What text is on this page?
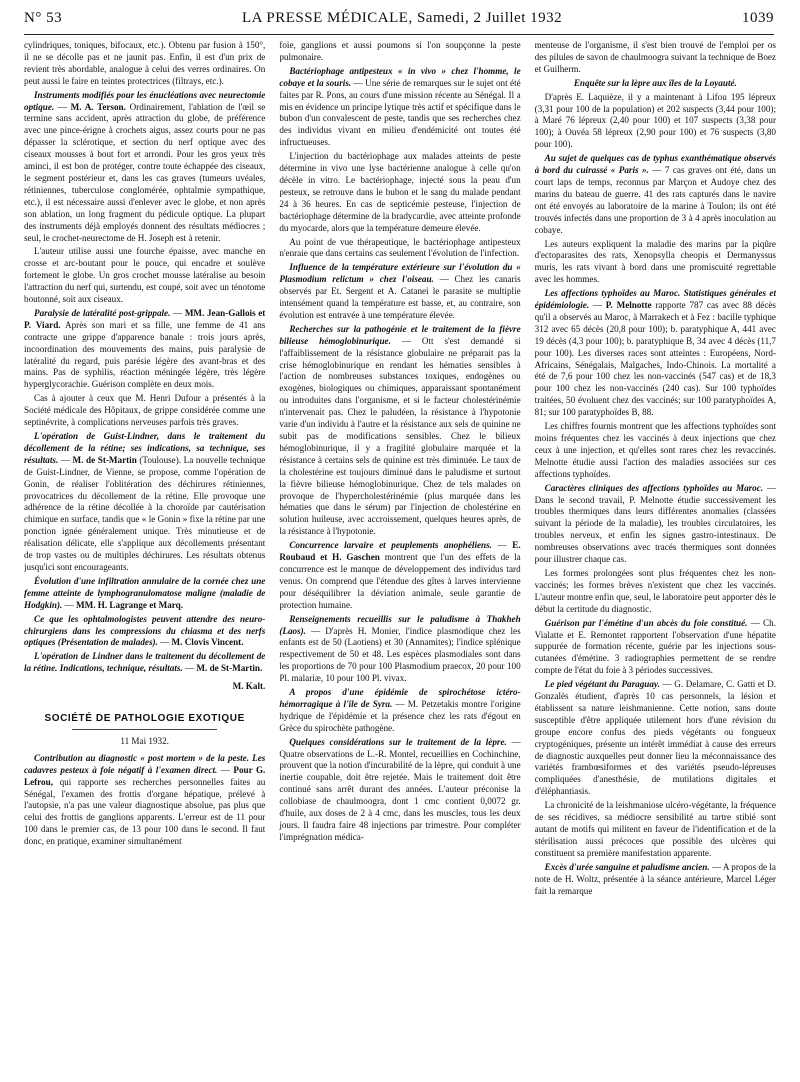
N° 53	LA PRESSE MÉDICALE, Samedi, 2 Juillet 1932	1039

cylindriques, toniques, bifocaux, etc.). Obtenu par fusion à 150°, il ne se décolle pas et ne jaunit pas. Enfin, il est d'un prix de revient très abordable, analogue à celui des verres ordinaires. On peut aussi le faire en teintes protectrices (filtrays, etc.).

Instruments modifiés pour les énucléations avec neurectomie optique. — M. A. Terson. Ordinairement, l'ablation de l'œil se termine sans accident, après attraction du globe, de préférence avec une pince-érigne à crochets aigus, assez courts pour ne pas dépasser la sclérotique, et section du nerf optique avec des ciseaux mousses à bout fort et arrondi. Pour les gros yeux très aminci, il est bon de protéger, contre toute échappée des ciseaux, le segment postérieur et, dans les cas graves (tumeurs uvéales, rétiniennes, tuberculose conglomérée, ophtalmie sympathique, etc.), il est nécessaire aussi d'enlever avec le globe, et non après son ablation, un long fragment du pédicule optique. La plupart des instruments déjà employés donnent des résultats médiocres ; seul, le crochet-neurectome de H. Joseph est à retenir.

L'auteur utilise aussi une fourche épaisse, avec manche en crosse et arc-boutant pour le pouce, qui encadre et soulève fortement le globe. Un gros crochet mousse latéralise au besoin l'attraction du nerf qui, surtendu, est coupé, soit avec un ténotome boutonné, soit aux ciseaux.

Paralysie de latéralité post-grippale. — MM. Jean-Gallois et P. Viard. Après son mari et sa fille, une femme de 41 ans contracte une grippe d'apparence banale : trois jours après, incoordination des mouvements des mains, puis paralysie de latéralité du regard, puis parésie légère des avant-bras et des mains. Pas de syphilis, réaction méningée légère, très légère hyperglycorachie. Guérison complète en deux mois.

Cas à ajouter à ceux que M. Henri Dufour a présentés à la Société médicale des Hôpitaux, de grippe considérée comme une septinévrite, à complications nerveuses parfois très graves.

L'opération de Guist-Lindner, dans le traitement du décollement de la rétine; ses indications, sa technique, ses résultats. — M. de St-Martin (Toulouse). La nouvelle technique de Guist-Lindner, de Vienne, se propose, comme l'opération de Gonin, de réaliser l'oblitération des déchirures rétiniennes, provocatrices du décollement de la rétine. Elle provoque une adhérence de la rétine décollée à la choroïde par cautérisation chimique en surface, tandis que « le Gonin » fixe la rétine par une ponction ignée généralement unique. Très minutieuse et de réalisation délicate, elle s'applique aux décollements présentant de trop vastes ou de multiples déchirures. Les résultats obtenus jusqu'ici sont encourageants.

Évolution d'une infiltration annulaire de la cornée chez une femme atteinte de lymphogranulomatose maligne (maladie de Hodgkin). — MM. H. Lagrange et Marq.

Ce que les ophtalmologistes peuvent attendre des neuro-chirurgiens dans les compressions du chiasma et des nerfs optiques (Présentation de malades). — M. Clovis Vincent.

L'opération de Lindner dans le traitement du décollement de la rétine. Indications, technique, résultats. — M. de St-Martin.

M. Kalt.

SOCIÉTÉ DE PATHOLOGIE EXOTIQUE
11 Mai 1932.

Contribution au diagnostic « post mortem » de la peste. Les cadavres pesteux à foie négatif à l'examen direct. — Pour G. Lefrou, qui rapporte ses recherches personnelles faites au Sénégal, l'examen des frottis d'organe hépatique, prélevé à l'autopsie, n'a pas une valeur diagnostique absolue, pas plus que celui des frottis de ganglions apparents. L'erreur est de 11 pour 100 dans le premier cas, de 13 pour 100 dans le second. Il faut donc, en pratique, examiner simultanément

foie, ganglions et aussi poumons si l'on soupçonne la peste pulmonaire.

Bactériophage antipesteux « in vivo » chez l'homme, le cobaye et la souris. — Une série de remarques sur le sujet ont été faites par R. Pons, au cours d'une mission récente au Sénégal. Il a mis en évidence un principe lytique très actif et spécifique dans le bubon d'un convalescent de peste, tandis que ses recherches chez des individus vivant en milieu d'endémicité ont toutes été infructueuses.

L'injection du bactériophage aux malades atteints de peste détermine in vivo une lyse bactérienne analogue à celle qu'on décèle in vitro. Le bactériophage, injecté sous la peau d'un pesteux, se retrouve dans le bubon et le sang du malade pendant 24 à 36 heures. En cas de septicémie pesteuse, l'injection de bactériophage détermine de la bradycardie, avec atteinte profonde du myocarde, alors que la température demeure élevée.

Au point de vue thérapeutique, le bactériophage antipesteux n'enraie que dans certains cas seulement l'évolution de l'infection.

Influence de la température extérieure sur l'évolution du « Plasmodium relictum » chez l'oiseau. — Chez les canaris observés par Et. Sergent et A. Catanei le parasite se multiplie intensément quand la température est basse, et, au contraire, son évolution est entravée à une température élevée.

Recherches sur la pathogénie et le traitement de la fièvre bilieuse hémoglobinurique. — Ott s'est demandé si l'affaiblissement de la résistance globulaire ne préparait pas la crise hémoglobinurique en rendant les hématies sensibles à l'action de nombreuses substances toxiques, endogènes ou exogènes, biologiques ou chimiques, apparaissant spontanément ou introduites dans l'organisme, et si le facteur cholestérinémie n'intervenait pas. Chez le paludéen, la résistance à l'hypotonie varie d'un individu à l'autre et la résistance aux sels de quinine ne subit pas de modifications sensibles. Chez le bilieux hémoglobinurique, il y a fragilité globulaire marquée et la résistance à certains sels de quinine est très diminuée. Le taux de la cholestérine est toujours diminué dans le paludisme et surtout la fièvre bilieuse hémoglobinurique. Chez de tels malades on provoque de l'hypercholestérinémie (plus marquée dans les hématies que dans le sérum) par l'injection de cholestérine en solution huileuse, avec accroissement, quelques heures après, de la résistance à l'hypotonie.

Concurrence larvaire et peuplements anophéliens. — E. Roubaud et H. Gaschen montrent que l'un des effets de la concurrence est le manque de développement des individus tard venus. On comprend que l'étendue des gîtes à larves intervienne pour déséquilibrer la déviation animale, seule garantie de protection humaine.

Renseignements recueillis sur le paludisme à Thakheh (Laos). — D'après H. Monier, l'indice plasmodique chez les enfants est de 50 (Laotiens) et 30 (Annamites); l'indice splénique respectivement de 50 et 48. Les espèces plasmodiales sont dans les proportions de 70 pour 100 Plasmodium praecox, 20 pour 100 Pl. malariæ, 10 pour 100 Pl. vivax.

A propos d'une épidémie de spirochétose ictéro-hémorragique à l'île de Syra. — M. Petzetakis montre l'origine hydrique de l'épidémie et la présence chez les rats d'égout en Grèce du spirochète pathogène.

Quelques considérations sur le traitement de la lèpre. — Quatre observations de L.-R. Montel, recueillies en Cochinchine, prouvent que la notion d'incurabilité de la lèpre, qui conduit à une inertie coupable, doit être rejetée. Mais le traitement doit être continué sans arrêt durant des années. L'auteur préconise la collobiase de chaulmoogra, dont 1 cmc contient 0,0072 gr. d'huile, aux doses de 2 à 4 cmc, dans les muscles, tous les deux jours. Il faudra faire 48 injections par trimestre. Pour compléter l'imprégnation médica-

menteuse de l'organisme, il s'est bien trouvé de l'emploi per os des pilules de savon de chaulmoogra suivant la technique de Boez et Guilherm.

Enquête sur la lèpre aux îles de la Loyauté.

D'après E. Laquièze, il y a maintenant à Lifou 195 lépreux (3,31 pour 100 de la population) et 202 suspects (3,44 pour 100); à Maré 76 lépreux (2,40 pour 100) et 107 suspects (3,38 pour 100); à Ouvéa 58 lépreux (2,90 pour 100) et 76 suspects (3,80 pour 100).

Au sujet de quelques cas de typhus exanthématique observés à bord du cuirassé « Paris ». — 7 cas graves ont été, dans un court laps de temps, reconnus par Marçon et Audoye chez des marins du bateau de guerre. 41 des rats capturés dans le navire ont été envoyés au laboratoire de la marine à Toulon; ils ont été trouvés infectés dans une proportion de 3 à 4 après inoculation au cobaye.

Les auteurs expliquent la maladie des marins par la piqûre d'ectoparasites des rats, Xenopsylla cheopis et Dermanyssus muris, les rats vivant à bord dans une promiscuité regrettable avec les hommes.

Les affections typhoïdes au Maroc. Statistiques générales et épidémiologie. — P. Melnotte rapporte 787 cas avec 88 décès qu'il a observés au Maroc, à Marrakech et à Fez : bacille typhique 312 avec 65 décès (20,8 pour 100); b. paratyphique A, 441 avec 19 décès (4,3 pour 100); b. paratyphique B, 34 avec 4 décès (11,7 pour 100). Les diverses races sont atteintes : Européens, Nord-Africains, Sénégalais, Malgaches, Indo-Chinois. La mortalité a été de 7,6 pour 100 chez les non-vaccinés (547 cas) et de 18,3 pour 100 chez les non-vaccinés (240 cas). Sur 100 typhoïdes traitées, 50 évoluent chez des vaccinés; sur 100 paratyphoïdes A, 81; sur 100 paratyphoïdes B, 88.

Les chiffres fournis montrent que les affections typhoïdes sont moins fréquentes chez les vaccinés à deux injections que chez ceux à une injection, et qu'elles sont rares chez les revaccinés. Melnotte étudie aussi l'action des maladies associées sur ces affections typhoïdes.

Caractères cliniques des affections typhoïdes au Maroc. — Dans le second travail, P. Melnotte étudie successivement les troubles thermiques dans leurs différentes anomalies (classées suivant la période de la maladie), les troubles circulatoires, les troubles nerveux, et enfin les signes gastro-intestinaux. De nombreuses observations avec tracés thermiques sont données pour illustrer chaque cas.

Les formes prolongées sont plus fréquentes chez les non-vaccinés; les formes brèves n'existent que chez les vaccinés. L'auteur montre enfin que, seul, le laboratoire peut apporter dès le début la certitude du diagnostic.

Guérison par l'émétine d'un abcès du foie constitué. — Ch. Vialatte et E. Remontet rapportent l'observation d'une hépatite suppurée de formation récente, guérie par les injections sous-cutanées d'émétine. 3 radiographies permettent de se rendre compte de l'état du foie à 3 périodes successives.

Le pied végétant du Paraguay. — G. Delamare, C. Gatti et D. Gonzalès étudient, d'après 10 cas personnels, la lésion et établissent sa nature leishmanienne. Cette notion, sans doute susceptible d'être appliquée utilement hors d'une révision du groupe encore confus des pieds végétants ou fongueux cryptogéniques, présente un intérêt immédiat à cause des erreurs de diagnostic auxquelles peut donner lieu la méconnaissance des variétés frambœsiformes et des variétés pseudo-lépreuses compliquées d'anesthésie, de mutilations digitales et d'éléphantiasis.

La chronicité de la leishmaniose ulcéro-végétante, la fréquence de ses récidives, sa médiocre sensibilité au tartre stibié sont autant de motifs qui militent en faveur de l'identification et de la stérilisation aussi précoces que possible des ulcères qui constituent sa première manifestation apparente.

Excès d'urée sanguine et paludisme ancien. — A propos de la note de H. Woltz, présentée à la séance antérieure, Marcel Léger fait la remarque
